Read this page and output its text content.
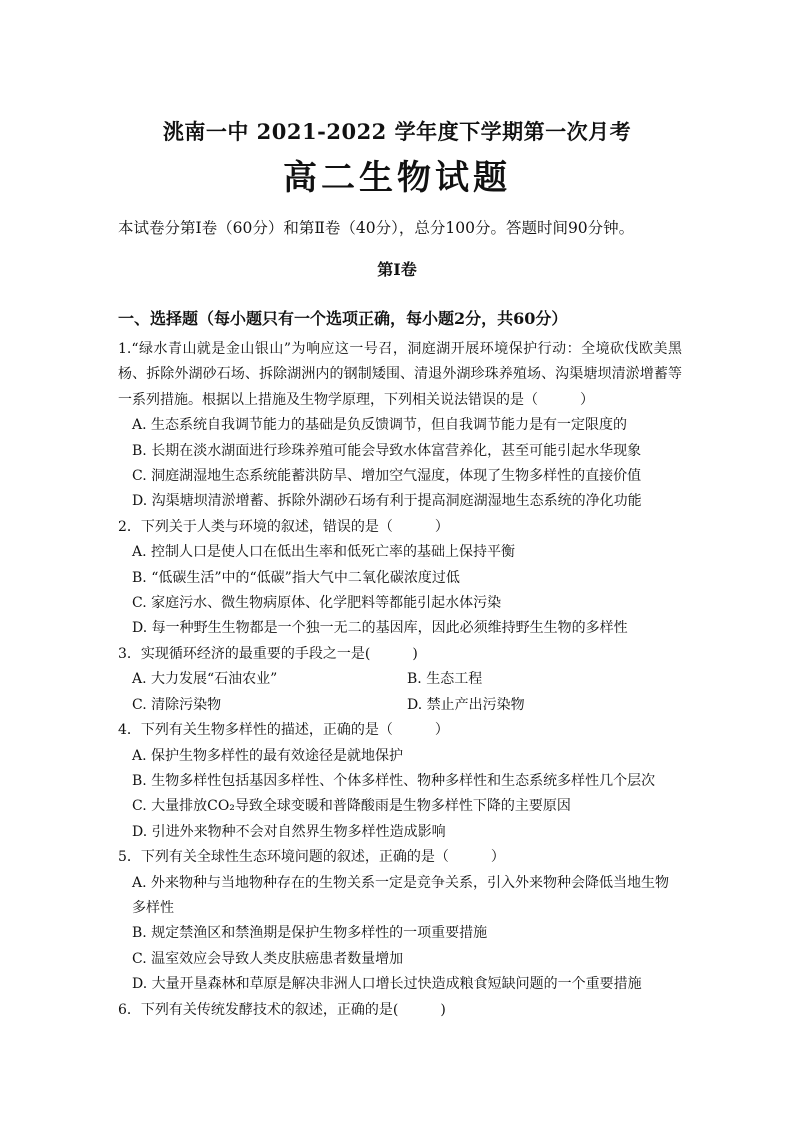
洮南一中 2021-2022 学年度下学期第一次月考
高二生物试题
本试卷分第Ⅰ卷（60分）和第Ⅱ卷（40分），总分100分。答题时间90分钟。
第Ⅰ卷
一、选择题（每小题只有一个选项正确，每小题2分，共60分）

1.“绿水青山就是金山银山”为响应这一号召，洞庭湖开展环境保护行动：全境砍伐欧美黑杨、拆除外湖砂石场、拆除湖洲内的钢制矮围、清退外湖珍珠养殖场、沟渠塘坝清淤增蓄等一系列措施。根据以上措施及生物学原理，下列相关说法错误的是（　　　）

A. 生态系统自我调节能力的基础是负反馈调节，但自我调节能力是有一定限度的

B. 长期在淡水湖面进行珍珠养殖可能会导致水体富营养化，甚至可能引起水华现象

C. 洞庭湖湿地生态系统能蓄洪防旱、增加空气湿度，体现了生物多样性的直接价值

D. 沟渠塘坝清淤增蓄、拆除外湖砂石场有利于提高洞庭湖湿地生态系统的净化功能

2．下列关于人类与环境的叙述，错误的是（　　　）

A. 控制人口是使人口在低出生率和低死亡率的基础上保持平衡

B. “低碳生活”中的“低碳”指大气中二氧化碳浓度过低

C. 家庭污水、微生物病原体、化学肥料等都能引起水体污染

D. 每一种野生生物都是一个独一无二的基因库，因此必须维持野生生物的多样性

3．实现循环经济的最重要的手段之一是(　　　)

A. 大力发展“石油农业”	B. 生态工程
C. 清除污染物	D. 禁止产出污染物

4．下列有关生物多样性的描述，正确的是（　　　）

A. 保护生物多样性的最有效途径是就地保护

B. 生物多样性包括基因多样性、个体多样性、物种多样性和生态系统多样性几个层次

C. 大量排放CO₂导致全球变暖和普降酸雨是生物多样性下降的主要原因

D. 引进外来物种不会对自然界生物多样性造成影响

5．下列有关全球性生态环境问题的叙述，正确的是（　　　）

A. 外来物种与当地物种存在的生物关系一定是竞争关系，引入外来物种会降低当地生物多样性

B. 规定禁渔区和禁渔期是保护生物多样性的一项重要措施

C. 温室效应会导致人类皮肤癌患者数量增加

D. 大量开垦森林和草原是解决非洲人口增长过快造成粮食短缺问题的一个重要措施

6．下列有关传统发酵技术的叙述，正确的是(　　　)
